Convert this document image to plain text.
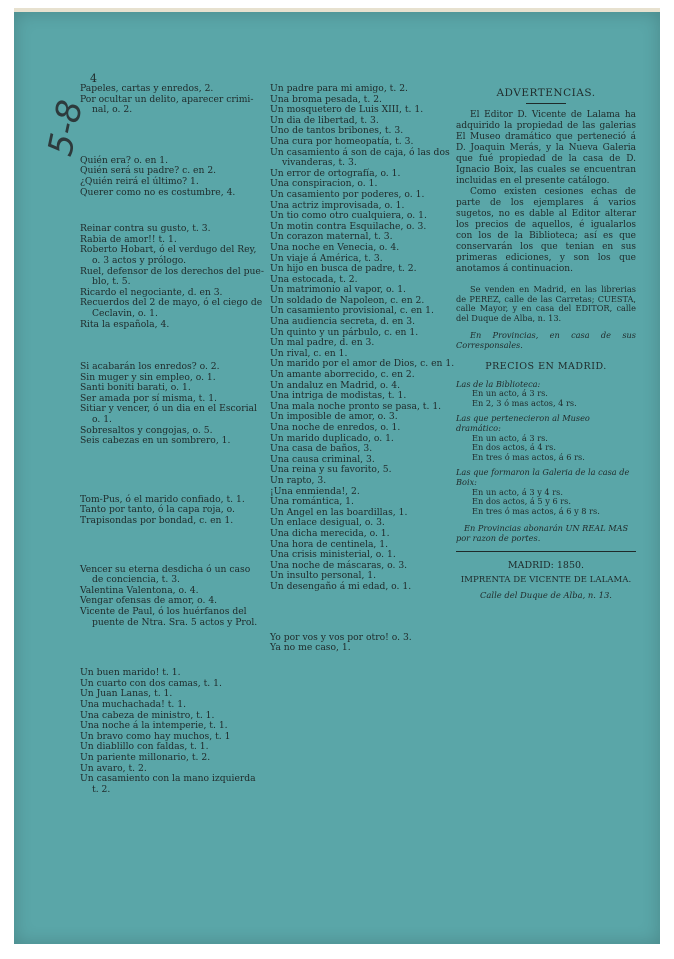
5-8
4
Papeles, cartas y enredos, 2.
Por ocultar un delito, aparecer crimi-
nal, o. 2.
Quién era? o. en 1.
Quién será su padre? c. en 2.
¿Quién reirá el último? 1.
Querer como no es costumbre, 4.
Reinar contra su gusto, t. 3.
Rabia de amor!! t. 1.
Roberto Hobart, ó el verdugo del Rey,
o. 3 actos y prólogo.
Ruel, defensor de los derechos del pue-
blo, t. 5.
Ricardo el negociante, d. en 3.
Recuerdos del 2 de mayo, ó el ciego de
Ceclavin, o. 1.
Rita la española, 4.
Si acabarán los enredos? o. 2.
Sin muger y sin empleo, o. 1.
Santi boniti barati, o. 1.
Ser amada por sí misma, t. 1.
Sitiar y vencer, ó un dia en el Escorial
o. 1.
Sobresaltos y congojas, o. 5.
Seis cabezas en un sombrero, 1.
Tom-Pus, ó el marido confiado, t. 1.
Tanto por tanto, ó la capa roja, o.
Trapisondas por bondad, c. en 1.
Vencer su eterna desdicha ó un caso
de conciencia, t. 3.
Valentina Valentona, o. 4.
Vengar ofensas de amor, o. 4.
Vicente de Paul, ó los huérfanos del
puente de Ntra. Sra. 5 actos y Prol.
Un buen marido! t. 1.
Un cuarto con dos camas, t. 1.
Un Juan Lanas, t. 1.
Una muchachada! t. 1.
Una cabeza de ministro, t. 1.
Una noche á la intemperie, t. 1.
Un bravo como hay muchos, t. 1
Un diablillo con faldas, t. 1.
Un pariente millonario, t. 2.
Un avaro, t. 2.
Un casamiento con la mano izquierda
t. 2.
Un padre para mi amigo, t. 2.
Una broma pesada, t. 2.
Un mosquetero de Luis XIII, t. 1.
Un dia de libertad, t. 3.
Uno de tantos bribones, t. 3.
Una cura por homeopatía, t. 3.
Un casamiento á son de caja, ó las dos
vivanderas, t. 3.
Un error de ortografía, o. 1.
Una conspiracion, o. 1.
Un casamiento por poderes, o. 1.
Una actriz improvisada, o. 1.
Un tio como otro cualquiera, o. 1.
Un motin contra Esquilache, o. 3.
Un corazon maternal, t. 3.
Una noche en Venecia, o. 4.
Un viaje á América, t. 3.
Un hijo en busca de padre, t. 2.
Una estocada, t. 2.
Un matrimonio al vapor, o. 1.
Un soldado de Napoleon, c. en 2.
Un casamiento provisional, c. en 1.
Una audiencia secreta, d. en 3.
Un quinto y un párbulo, c. en 1.
Un mal padre, d. en 3.
Un rival, c. en 1.
Un marido por el amor de Dios, c. en 1.
Un amante aborrecido, c. en 2.
Un andaluz en Madrid, o. 4.
Una intriga de modistas, t. 1.
Una mala noche pronto se pasa, t. 1.
Un imposible de amor, o. 3.
Una noche de enredos, o. 1.
Un marido duplicado, o. 1.
Una casa de baños, 3.
Una causa criminal, 3.
Una reina y su favorito, 5.
Un rapto, 3.
¡Una enmienda!, 2.
Una romántica, 1.
Un Angel en las boardillas, 1.
Un enlace desigual, o. 3.
Una dicha merecida, o. 1.
Una hora de centinela, 1.
Una crisis ministerial, o. 1.
Una noche de máscaras, o. 3.
Un insulto personal, 1.
Un desengaño á mi edad, o. 1.
Yo por vos y vos por otro! o. 3.
Ya no me caso, 1.
ADVERTENCIAS.
El Editor D. Vicente de Lalama ha adquirido la propiedad de las galerias El Museo dramático que perteneció á D. Joaquin Merás, y la Nueva Galeria que fué propiedad de la casa de D. Ignacio Boix, las cuales se encuentran incluidas en el presente catálogo.
Como existen cesiones echas de parte de los ejemplares á varios sugetos, no es dable al Editor alterar los precios de aquellos, é igualarlos con los de la Biblioteca; así es que conservarán los que tenian en sus primeras ediciones, y son los que anotamos á continuacion.
Se venden en Madrid, en las librerias de PEREZ, calle de las Carretas; CUESTA, calle Mayor, y en casa del EDITOR, calle del Duque de Alba, n. 13.
En Provincias, en casa de sus Corresponsales.
PRECIOS EN MADRID.
Las de la Biblioteca:
En un acto, á 3 rs.
En 2, 3 ó mas actos, 4 rs.
Las que pertenecieron al Museo dramático:
En un acto, á 3 rs.
En dos actos, á 4 rs.
En tres ó mas actos, á 6 rs.
Las que formaron la Galeria de la casa de Boix:
En un acto, á 3 y 4 rs.
En dos actos, á 5 y 6 rs.
En tres ó mas actos, á 6 y 8 rs.
En Provincias abonarán UN REAL MAS por razon de portes.
MADRID: 1850.
IMPRENTA DE VICENTE DE LALAMA.
Calle del Duque de Alba, n. 13.
